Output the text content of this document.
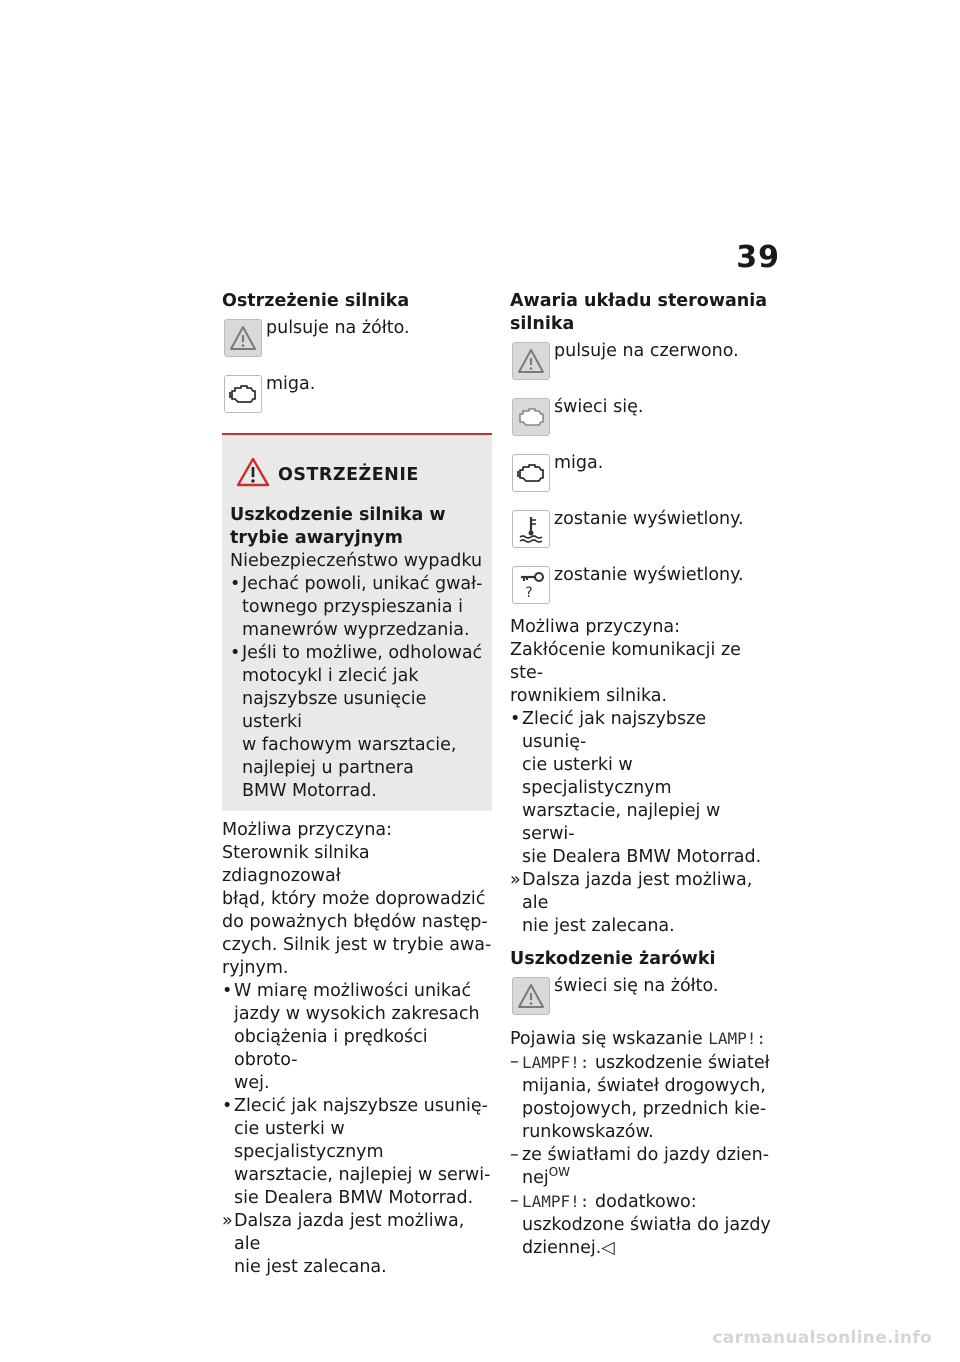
39
Ostrzeżenie silnika
pulsuje na żółto.
miga.
OSTRZEŻENIE
Uszkodzenie silnika w trybie awaryjnym
Niebezpieczeństwo wypadku
• Jechać powoli, unikać gwał-
townego przyspieszania i
manewrów wyprzedzania.
• Jeśli to możliwe, odholować
motocykl i zlecić jak
najszybsze usunięcie usterki
w fachowym warsztacie,
najlepiej u partnera
BMW Motorrad.
Możliwa przyczyna:
Sterownik silnika zdiagnozował
błąd, który może doprowadzić
do poważnych błędów następ-
czych. Silnik jest w trybie awa-
ryjnym.
• W miarę możliwości unikać
jazdy w wysokich zakresach
obciążenia i prędkości obroto-
wej.
• Zlecić jak najszybsze usunię-
cie usterki w specjalistycznym
warsztacie, najlepiej w serwi-
sie Dealera BMW Motorrad.
» Dalsza jazda jest możliwa, ale
nie jest zalecana.
Awaria układu sterowania
silnika
pulsuje na czerwono.
świeci się.
miga.
zostanie wyświetlony.
?
zostanie wyświetlony.
Możliwa przyczyna:
Zakłócenie komunikacji ze ste-
rownikiem silnika.
• Zlecić jak najszybsze usunię-
cie usterki w specjalistycznym
warsztacie, najlepiej w serwi-
sie Dealera BMW Motorrad.
» Dalsza jazda jest możliwa, ale
nie jest zalecana.
Uszkodzenie żarówki
świeci się na żółto.
Pojawia się wskazanie LAMP!:
– LAMPF!: uszkodzenie świateł
mijania, świateł drogowych,
postojowych, przednich kie-
runkowskazów.
– ze światłami do jazdy dzien-
nej$^{OW}$
– LAMPF!: dodatkowo:
uszkodzone światła do jazdy
dziennej.◁
carmanualsonline.info
